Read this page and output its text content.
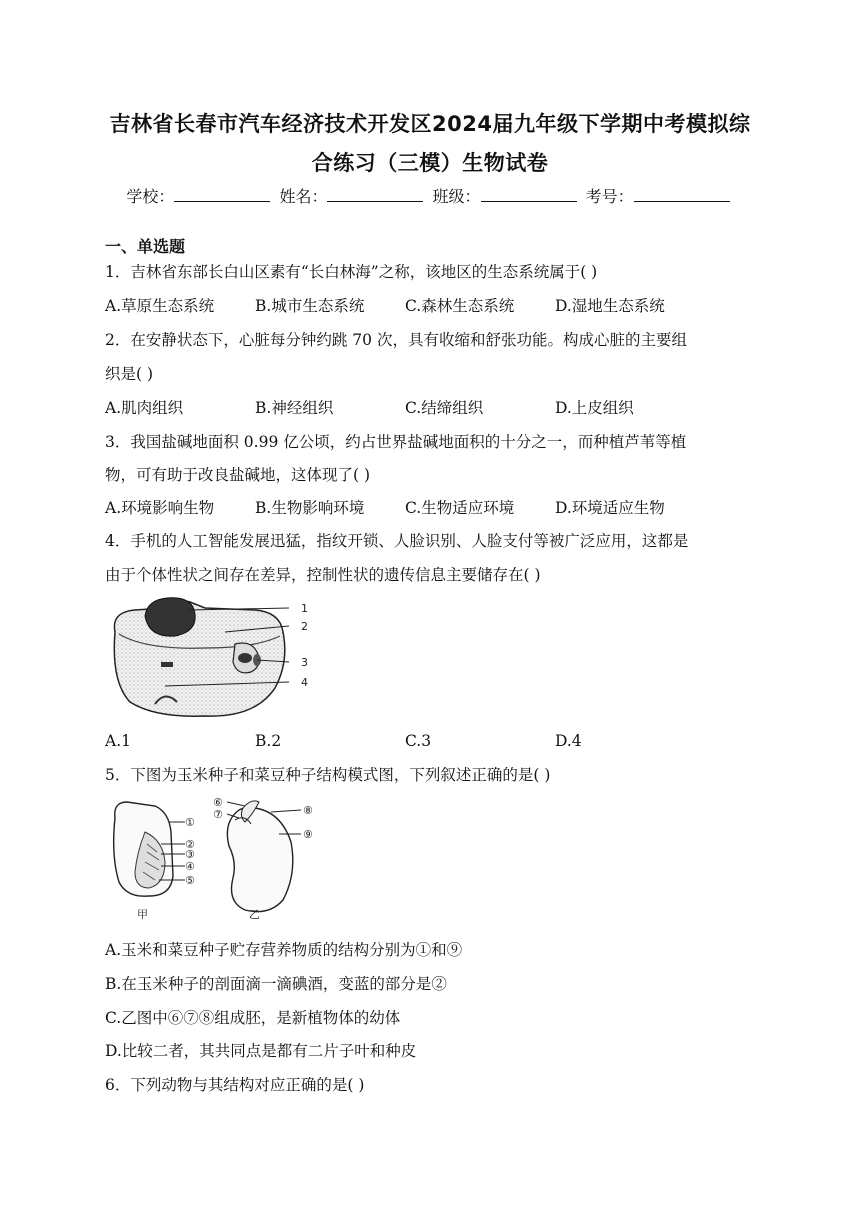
吉林省长春市汽车经济技术开发区2024届九年级下学期中考模拟综
合练习（三模）生物试卷
学校：	姓名：	班级：	考号：
一、单选题
1．吉林省东部长白山区素有“长白林海”之称，该地区的生态系统属于( )
A.草原生态系统	B.城市生态系统	C.森林生态系统	D.湿地生态系统
2．在安静状态下，心脏每分钟约跳 70 次，具有收缩和舒张功能。构成心脏的主要组
织是( )
A.肌肉组织	B.神经组织	C.结缔组织	D.上皮组织
3．我国盐碱地面积 0.99 亿公顷，约占世界盐碱地面积的十分之一，而种植芦苇等植
物，可有助于改良盐碱地，这体现了( )
A.环境影响生物	B.生物影响环境	C.生物适应环境	D.环境适应生物
4．手机的人工智能发展迅猛，指纹开锁、人脸识别、人脸支付等被广泛应用，这都是
由于个体性状之间存在差异，控制性状的遗传信息主要储存在( )
1
2
3
4
A.1	B.2	C.3	D.4
5．下图为玉米种子和菜豆种子结构模式图，下列叙述正确的是( )
①
②
③
④
⑤
甲
⑥
⑦	⑧
⑨
乙
A.玉米和菜豆种子贮存营养物质的结构分别为①和⑨
B.在玉米种子的剖面滴一滴碘酒，变蓝的部分是②
C.乙图中⑥⑦⑧组成胚，是新植物体的幼体
D.比较二者，其共同点是都有二片子叶和种皮
6．下列动物与其结构对应正确的是( )
